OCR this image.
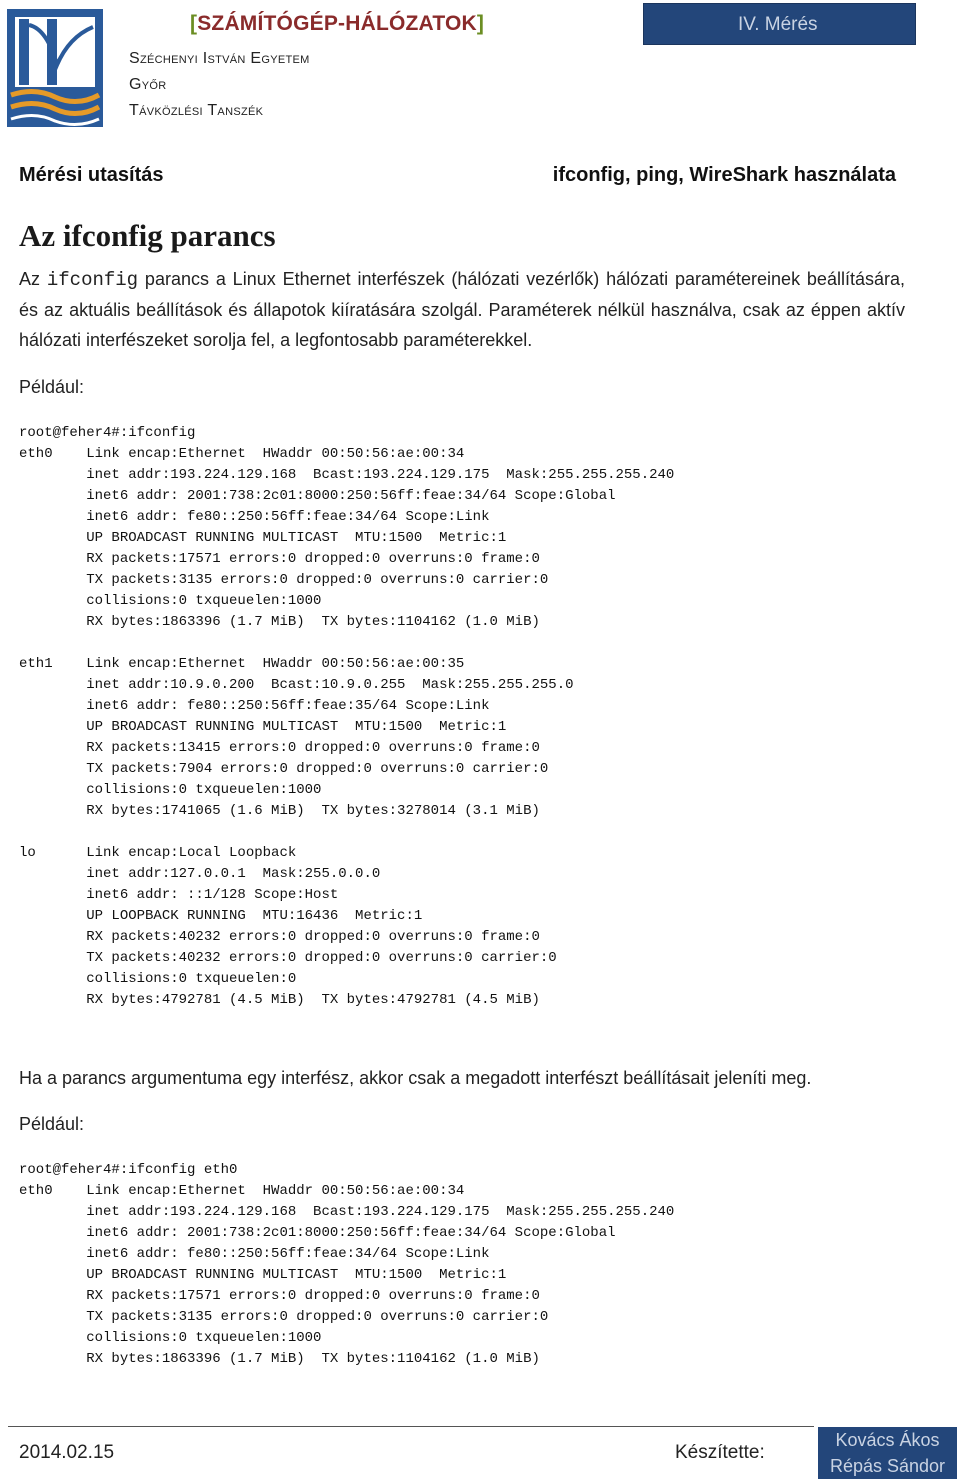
[SZÁMÍTÓGÉP-HÁLÓZATOK]
Széchenyi István Egyetem
Győr
Távközlési Tanszék
IV. Mérés
Mérési utasítás	ifconfig, ping, WireShark használata
Az ifconfig parancs
Az ifconfig parancs a Linux Ethernet interfészek (hálózati vezérlők) hálózati paramétereinek beállítására, és az aktuális beállítások és állapotok kiíratására szolgál. Paraméterek nélkül használva, csak az éppen aktív hálózati interfészeket sorolja fel, a legfontosabb paraméterekkel.
Például:
root@feher4#:ifconfig
eth0    Link encap:Ethernet  HWaddr 00:50:56:ae:00:34
inet addr:193.224.129.168  Bcast:193.224.129.175  Mask:255.255.255.240
inet6 addr: 2001:738:2c01:8000:250:56ff:feae:34/64 Scope:Global
inet6 addr: fe80::250:56ff:feae:34/64 Scope:Link
UP BROADCAST RUNNING MULTICAST  MTU:1500  Metric:1
RX packets:17571 errors:0 dropped:0 overruns:0 frame:0
TX packets:3135 errors:0 dropped:0 overruns:0 carrier:0
collisions:0 txqueuelen:1000
RX bytes:1863396 (1.7 MiB)  TX bytes:1104162 (1.0 MiB)

eth1    Link encap:Ethernet  HWaddr 00:50:56:ae:00:35
inet addr:10.9.0.200  Bcast:10.9.0.255  Mask:255.255.255.0
inet6 addr: fe80::250:56ff:feae:35/64 Scope:Link
UP BROADCAST RUNNING MULTICAST  MTU:1500  Metric:1
RX packets:13415 errors:0 dropped:0 overruns:0 frame:0
TX packets:7904 errors:0 dropped:0 overruns:0 carrier:0
collisions:0 txqueuelen:1000
RX bytes:1741065 (1.6 MiB)  TX bytes:3278014 (3.1 MiB)

lo      Link encap:Local Loopback
inet addr:127.0.0.1  Mask:255.0.0.0
inet6 addr: ::1/128 Scope:Host
UP LOOPBACK RUNNING  MTU:16436  Metric:1
RX packets:40232 errors:0 dropped:0 overruns:0 frame:0
TX packets:40232 errors:0 dropped:0 overruns:0 carrier:0
collisions:0 txqueuelen:0
RX bytes:4792781 (4.5 MiB)  TX bytes:4792781 (4.5 MiB)
Ha a parancs argumentuma egy interfész, akkor csak a megadott interfészt beállításait jeleníti meg.
Például:
root@feher4#:ifconfig eth0
eth0    Link encap:Ethernet  HWaddr 00:50:56:ae:00:34
inet addr:193.224.129.168  Bcast:193.224.129.175  Mask:255.255.255.240
inet6 addr: 2001:738:2c01:8000:250:56ff:feae:34/64 Scope:Global
inet6 addr: fe80::250:56ff:feae:34/64 Scope:Link
UP BROADCAST RUNNING MULTICAST  MTU:1500  Metric:1
RX packets:17571 errors:0 dropped:0 overruns:0 frame:0
TX packets:3135 errors:0 dropped:0 overruns:0 carrier:0
collisions:0 txqueuelen:1000
RX bytes:1863396 (1.7 MiB)  TX bytes:1104162 (1.0 MiB)
2014.02.15	Készítette:
Kovács Ákos
Répás Sándor
